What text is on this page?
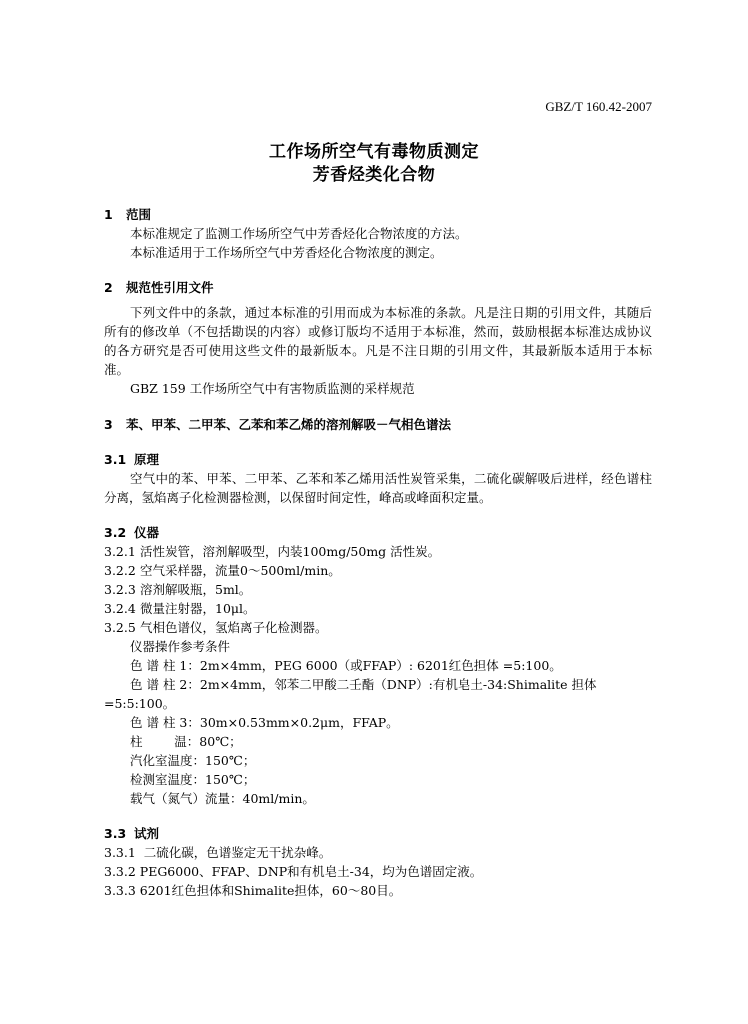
GBZ/T 160.42-2007
工作场所空气有毒物质测定
芳香烃类化合物
1 范围
本标准规定了监测工作场所空气中芳香烃化合物浓度的方法。
本标准适用于工作场所空气中芳香烃化合物浓度的测定。
2 规范性引用文件
下列文件中的条款，通过本标准的引用而成为本标准的条款。凡是注日期的引用文件，其随后所有的修改单（不包括勘误的内容）或修订版均不适用于本标准，然而，鼓励根据本标准达成协议的各方研究是否可使用这些文件的最新版本。凡是不注日期的引用文件，其最新版本适用于本标准。
GBZ 159 工作场所空气中有害物质监测的采样规范
3 苯、甲苯、二甲苯、乙苯和苯乙烯的溶剂解吸－气相色谱法
3.1 原理
空气中的苯、甲苯、二甲苯、乙苯和苯乙烯用活性炭管采集，二硫化碳解吸后进样，经色谱柱分离，氢焰离子化检测器检测，以保留时间定性，峰高或峰面积定量。
3.2 仪器
3.2.1 活性炭管，溶剂解吸型，内装100mg/50mg 活性炭。
3.2.2 空气采样器，流量0～500ml/min。
3.2.3 溶剂解吸瓶，5ml。
3.2.4 微量注射器，10μl。
3.2.5 气相色谱仪，氢焰离子化检测器。
仪器操作参考条件
色 谱 柱 1：2m×4mm，PEG 6000（或FFAP）: 6201红色担体 =5:100。
色 谱 柱 2：2m×4mm，邻苯二甲酸二壬酯（DNP）:有机皂土-34:Shimalite 担体
=5:5:100。
色 谱 柱 3：30m×0.53mm×0.2μm，FFAP。
柱        温：80℃；
汽化室温度：150℃；
检测室温度：150℃；
载气（氮气）流量：40ml/min。
3.3 试剂
3.3.1  二硫化碳，色谱鉴定无干扰杂峰。
3.3.2 PEG6000、FFAP、DNP和有机皂土-34，均为色谱固定液。
3.3.3 6201红色担体和Shimalite担体，60～80目。
